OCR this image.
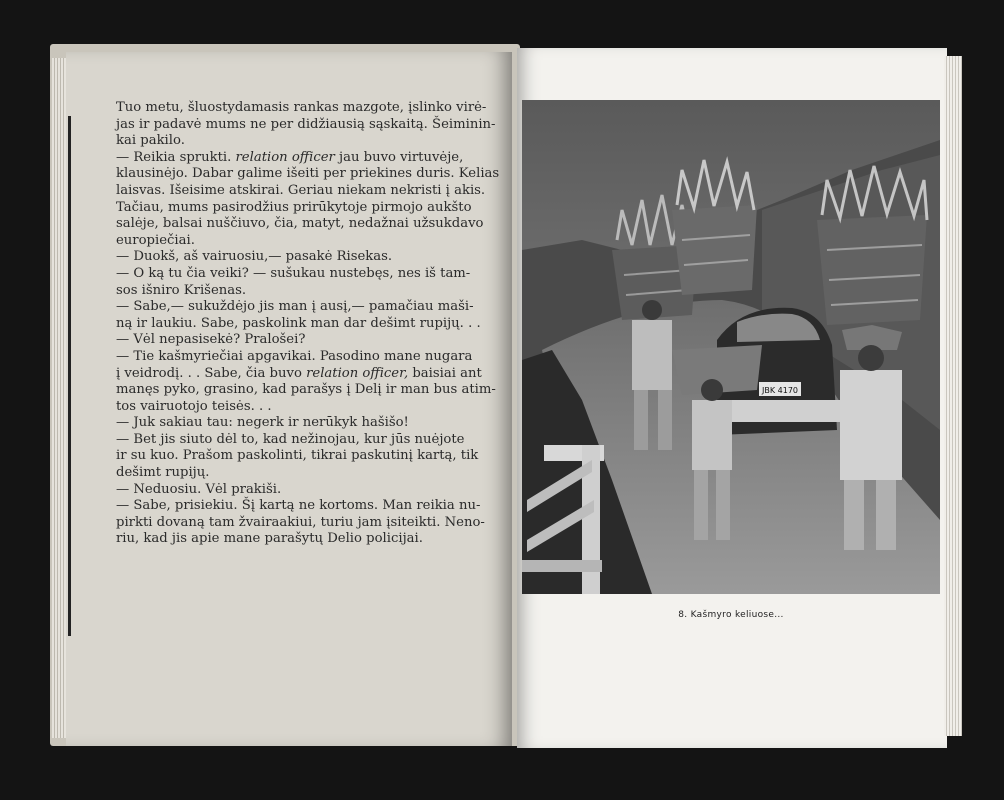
Tuo metu, šluostydamasis rankas mazgote, įslinko virė-
jas ir padavė mums ne per didžiausią sąskaitą. Šeiminin-
kai pakilo.
— Reikia sprukti. relation officer jau buvo virtuvėje,
klausinėjo. Dabar galime išeiti per priekines duris. Kelias
laisvas. Išeisime atskirai. Geriau niekam nekristi į akis.
Tačiau, mums pasirodžius prirūkytoje pirmojo aukšto
salėje, balsai nuščiuvo, čia, matyt, nedažnai užsukdavo
europiečiai.
— Duokš, aš vairuosiu,— pasakė Risekas.
— O ką tu čia veiki? — sušukau nustebęs, nes iš tam-
sos išniro Krišenas.
— Sabe,— sukuždėjo jis man į ausį,— pamačiau maši-
ną ir laukiu. Sabe, paskolink man dar dešimt rupijų. . .
— Vėl nepasisekė? Pralošei?
— Tie kašmyriečiai apgavikai. Pasodino mane nugara
į veidrodį. . . Sabe, čia buvo relation officer, baisiai ant
manęs pyko, grasino, kad parašys į Delį ir man bus atim-
tos vairuotojo teisės. . .
— Juk sakiau tau: negerk ir nerūkyk hašišo!
— Bet jis siuto dėl to, kad nežinojau, kur jūs nuėjote
ir su kuo. Prašom paskolinti, tikrai paskutinį kartą, tik
dešimt rupijų.
— Neduosiu. Vėl prakiši.
— Sabe, prisiekiu. Šį kartą ne kortoms. Man reikia nu-
pirkti dovaną tam žvairaakiui, turiu jam įsiteikti. Neno-
riu, kad jis apie mane parašytų Delio policijai.
JBK 4170
8. Kašmyro keliuose...
